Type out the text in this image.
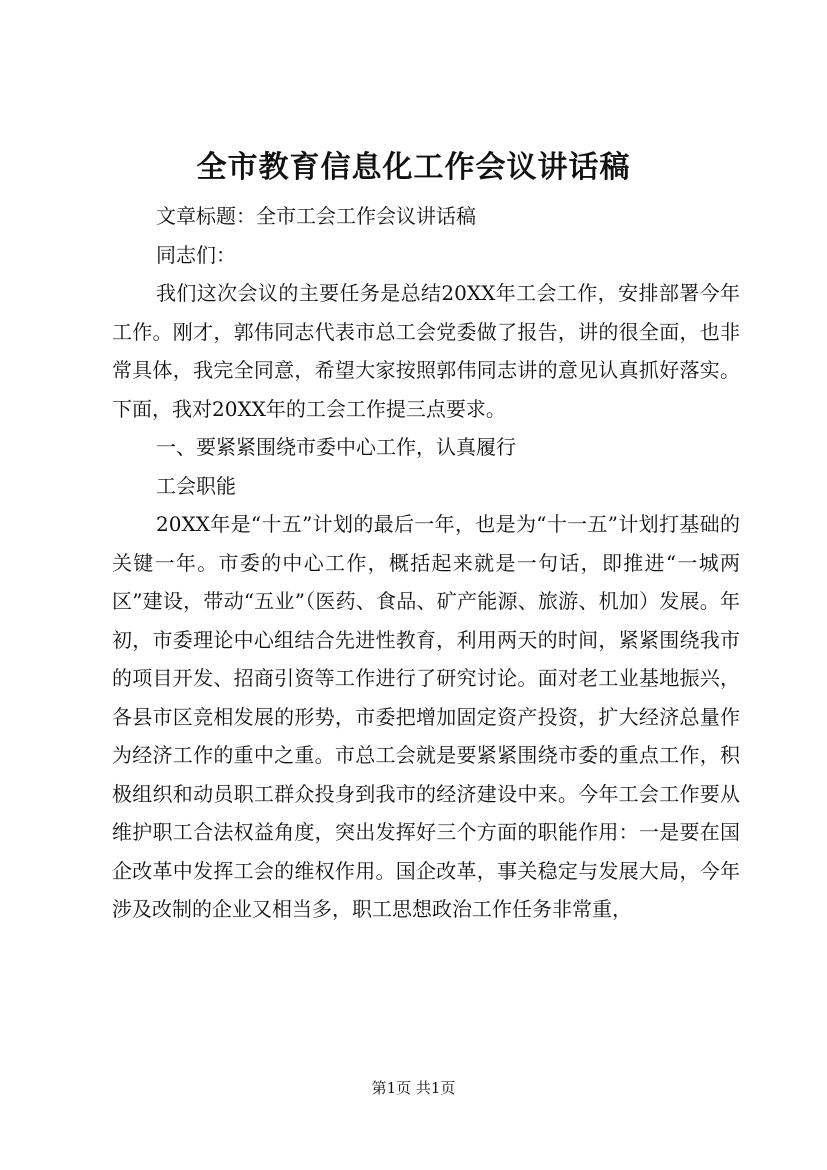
全市教育信息化工作会议讲话稿

文章标题：全市工会工作会议讲话稿

同志们：

我们这次会议的主要任务是总结20XX年工会工作，安排部署今年工作。刚才，郭伟同志代表市总工会党委做了报告，讲的很全面，也非常具体，我完全同意，希望大家按照郭伟同志讲的意见认真抓好落实。下面，我对20XX年的工会工作提三点要求。

一、要紧紧围绕市委中心工作，认真履行

工会职能

20XX年是“十五”计划的最后一年，也是为“十一五”计划打基础的关键一年。市委的中心工作，概括起来就是一句话，即推进“一城两区”建设，带动“五业”（医药、食品、矿产能源、旅游、机加）发展。年初，市委理论中心组结合先进性教育，利用两天的时间，紧紧围绕我市的项目开发、招商引资等工作进行了研究讨论。面对老工业基地振兴，各县市区竞相发展的形势，市委把增加固定资产投资，扩大经济总量作为经济工作的重中之重。市总工会就是要紧紧围绕市委的重点工作，积极组织和动员职工群众投身到我市的经济建设中来。今年工会工作要从维护职工合法权益角度，突出发挥好三个方面的职能作用：一是要在国企改革中发挥工会的维权作用。国企改革，事关稳定与发展大局，今年涉及改制的企业又相当多，职工思想政治工作任务非常重，

第1页 共1页
